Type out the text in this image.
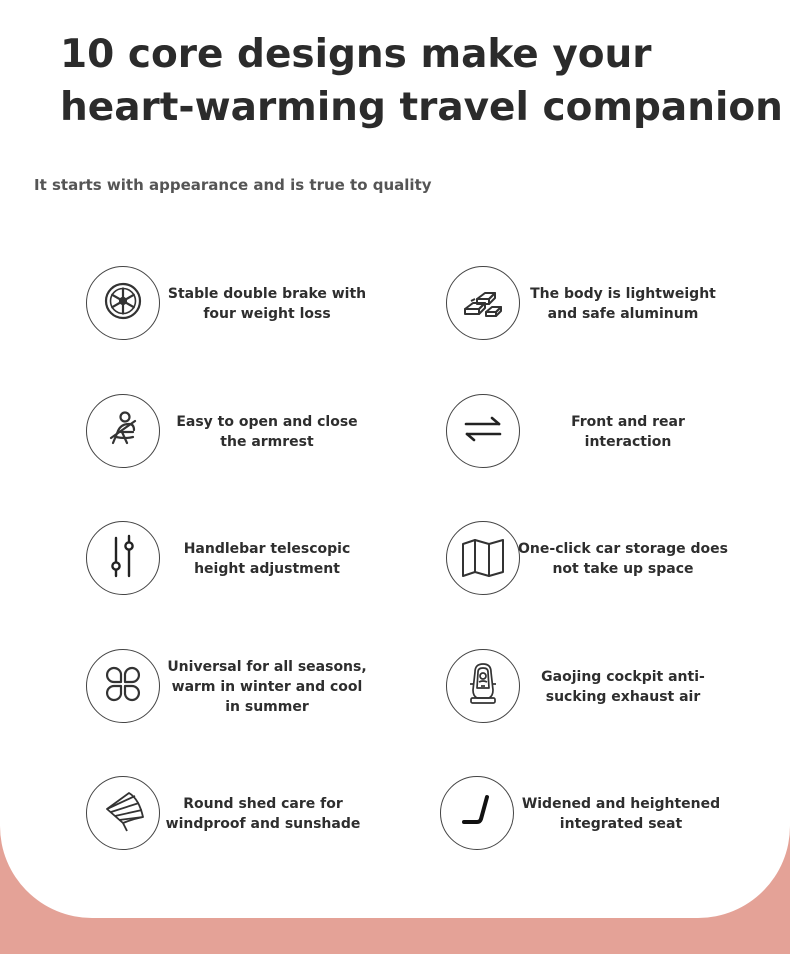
10 core designs make your
heart-warming travel companion
It starts with appearance and is true to quality
Stable double brake with four weight loss
The body is lightweight and safe aluminum
Easy to open and close the armrest
Front and rear interaction
Handlebar telescopic height adjustment
One-click car storage does not take up space
Universal for all seasons, warm in winter and cool in summer
Gaojing cockpit anti-sucking exhaust air
Round shed care for windproof and sunshade
Widened and heightened integrated seat
